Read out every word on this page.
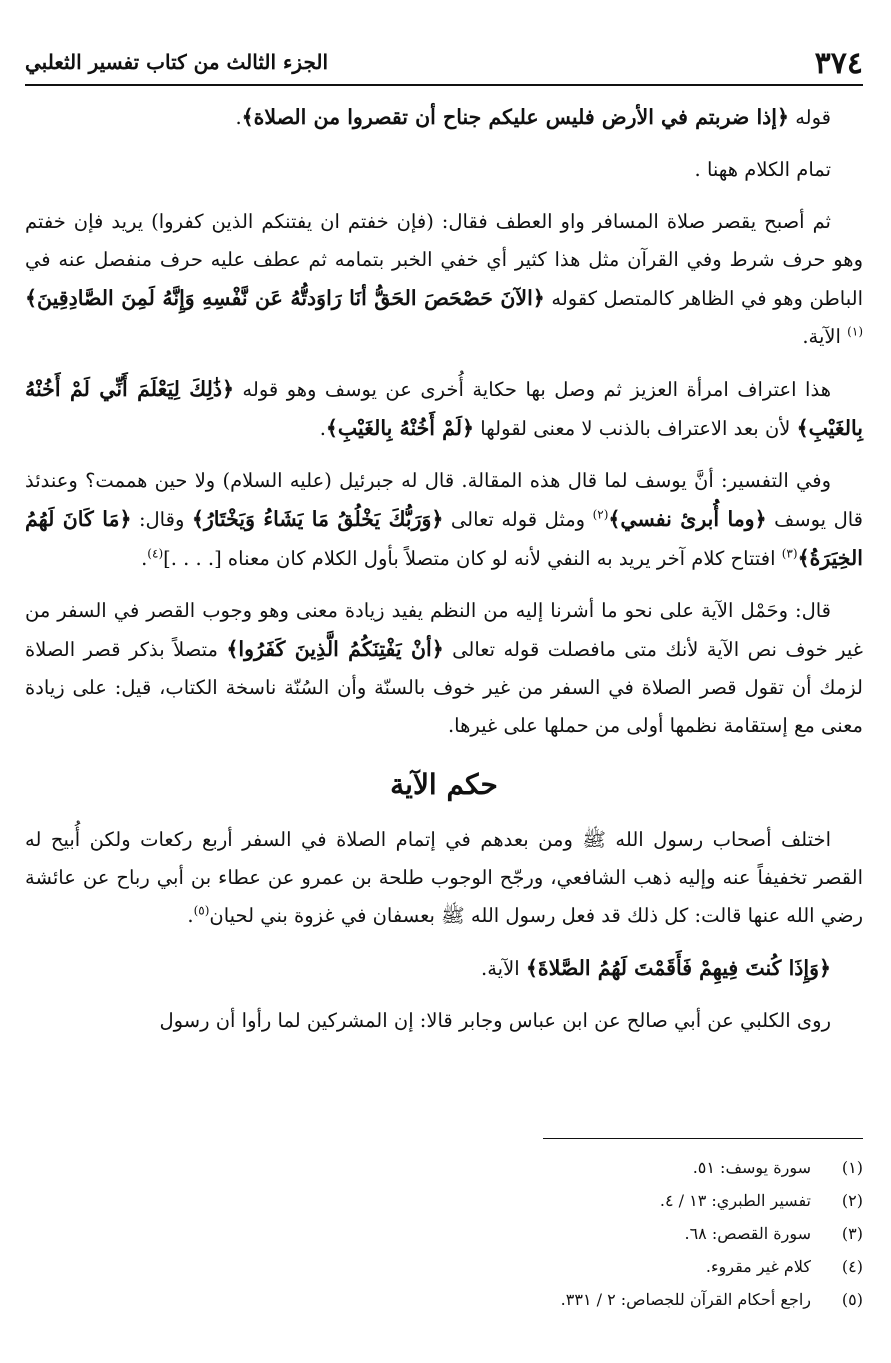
٣٧٤
الجزء الثالث من كتاب تفسير الثعلبي

قوله ﴿إذا ضربتم في الأرض فليس عليكم جناح أن تقصروا من الصلاة﴾.

تمام الكلام ههنا .

ثم أصبح يقصر صلاة المسافر واو العطف فقال: (فإن خفتم ان يفتنكم الذين كفروا) يريد فإن خفتم وهو حرف شرط وفي القرآن مثل هذا كثير أي خفي الخبر بتمامه ثم عطف عليه حرف منفصل عنه في الباطن وهو في الظاهر كالمتصل كقوله ﴿الآنَ حَصْحَصَ الحَقُّ أنَا رَاوَدتُّهُ عَن نَّفْسِهِ وَإِنَّهُ لَمِنَ الصَّادِقِينَ﴾$^{(١)}$ الآية.

هذا اعتراف امرأة العزيز ثم وصل بها حكاية أُخرى عن يوسف وهو قوله ﴿ذَٰلِكَ لِيَعْلَمَ أَنِّي لَمْ أَخُنْهُ بِالغَيْبِ﴾ لأن بعد الاعتراف بالذنب لا معنى لقولها ﴿لَمْ أَخُنْهُ بِالغَيْبِ﴾.

وفي التفسير: أنَّ يوسف لما قال هذه المقالة. قال له جبرئيل (عليه السلام) ولا حين هممت؟ وعندئذ قال يوسف ﴿وما أُبرئ نفسي﴾$^{(٢)}$ ومثل قوله تعالى ﴿وَرَبُّكَ يَخْلُقُ مَا يَشَاءُ وَيَخْتَارُ﴾ وقال: ﴿مَا كَانَ لَهُمُ الخِيَرَةُ﴾$^{(٣)}$ افتتاح كلام آخر يريد به النفي لأنه لو كان متصلاً بأول الكلام كان معناه [. . . .]$^{(٤)}$.

قال: وحَمْل الآية على نحو ما أشرنا إليه من النظم يفيد زيادة معنى وهو وجوب القصر في السفر من غير خوف نص الآية لأنك متى مافصلت قوله تعالى ﴿أنْ يَفْتِنَكُمُ الَّذِينَ كَفَرُوا﴾ متصلاً بذكر قصر الصلاة لزمك أن تقول قصر الصلاة في السفر من غير خوف بالسنّة وأن السُنّة ناسخة الكتاب، قيل: على زيادة معنى مع إستقامة نظمها أولى من حملها على غيرها.

حكم الآية

اختلف أصحاب رسول الله ﷺ ومن بعدهم في إتمام الصلاة في السفر أربع ركعات ولكن أُبيح له القصر تخفيفاً عنه وإليه ذهب الشافعي، ورجّح الوجوب طلحة بن عمرو عن عطاء بن أبي رباح عن عائشة رضي الله عنها قالت: كل ذلك قد فعل رسول الله ﷺ بعسفان في غزوة بني لحيان$^{(٥)}$.

﴿وَإِذَا كُنتَ فِيهِمْ فَأَقَمْتَ لَهُمُ الصَّلاةَ﴾ الآية.

روى الكلبي عن أبي صالح عن ابن عباس وجابر قالا: إن المشركين لما رأوا أن رسول

(١)
سورة يوسف: ٥١.
(٢)
تفسير الطبري: ١٣ / ٤.
(٣)
سورة القصص: ٦٨.
(٤)
كلام غير مقروء.
(٥)
راجع أحكام القرآن للجصاص: ٢ / ٣٣١.
